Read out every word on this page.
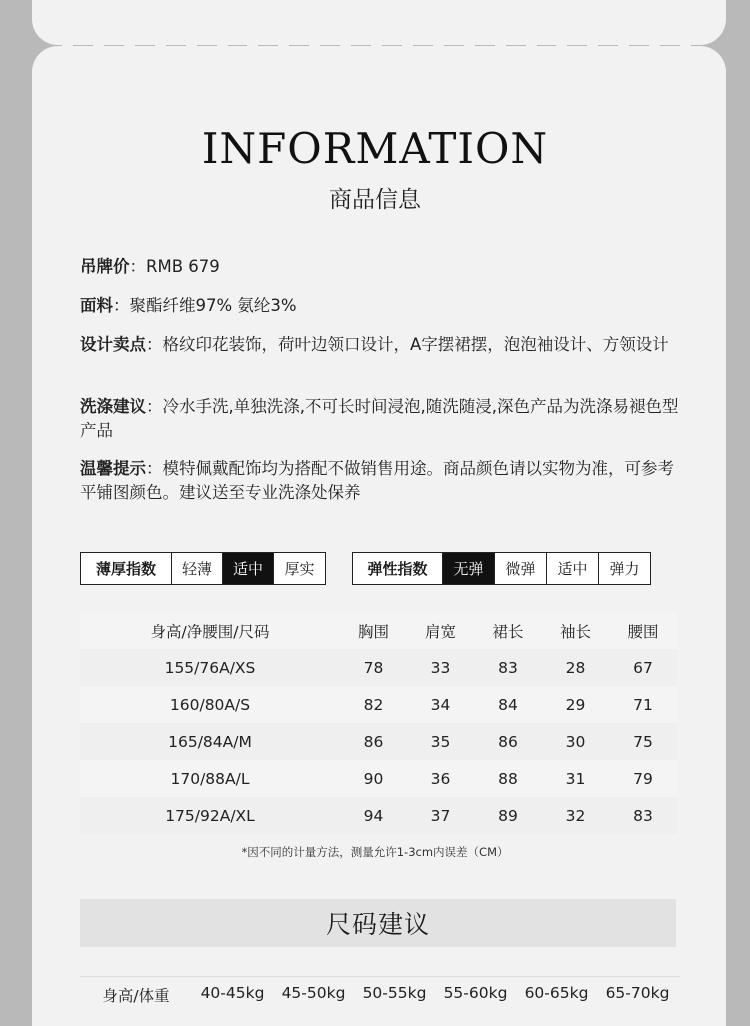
INFORMATION
商品信息
吊牌价：RMB 679
面料：聚酯纤维97% 氨纶3%
设计卖点：格纹印花装饰，荷叶边领口设计，A字摆裙摆，泡泡袖设计、方领设计
洗涤建议：冷水手洗,单独洗涤,不可长时间浸泡,随洗随浸,深色产品为洗涤易褪色型产品
温馨提示：模特佩戴配饰均为搭配不做销售用途。商品颜色请以实物为准，可参考平铺图颜色。建议送至专业洗涤处保养
薄厚指数	轻薄	适中	厚实	弹性指数	无弹	微弹	适中	弹力
身高/净腰围/尺码	胸围	肩宽	裙长	袖长	腰围
155/76A/XS	78	33	83	28	67
160/80A/S	82	34	84	29	71
165/84A/M	86	35	86	30	75
170/88A/L	90	36	88	31	79
175/92A/XL	94	37	89	32	83
*因不同的计量方法，测量允许1-3cm内误差（CM）
尺码建议
身高/体重	40-45kg	45-50kg	50-55kg	55-60kg	60-65kg	65-70kg
